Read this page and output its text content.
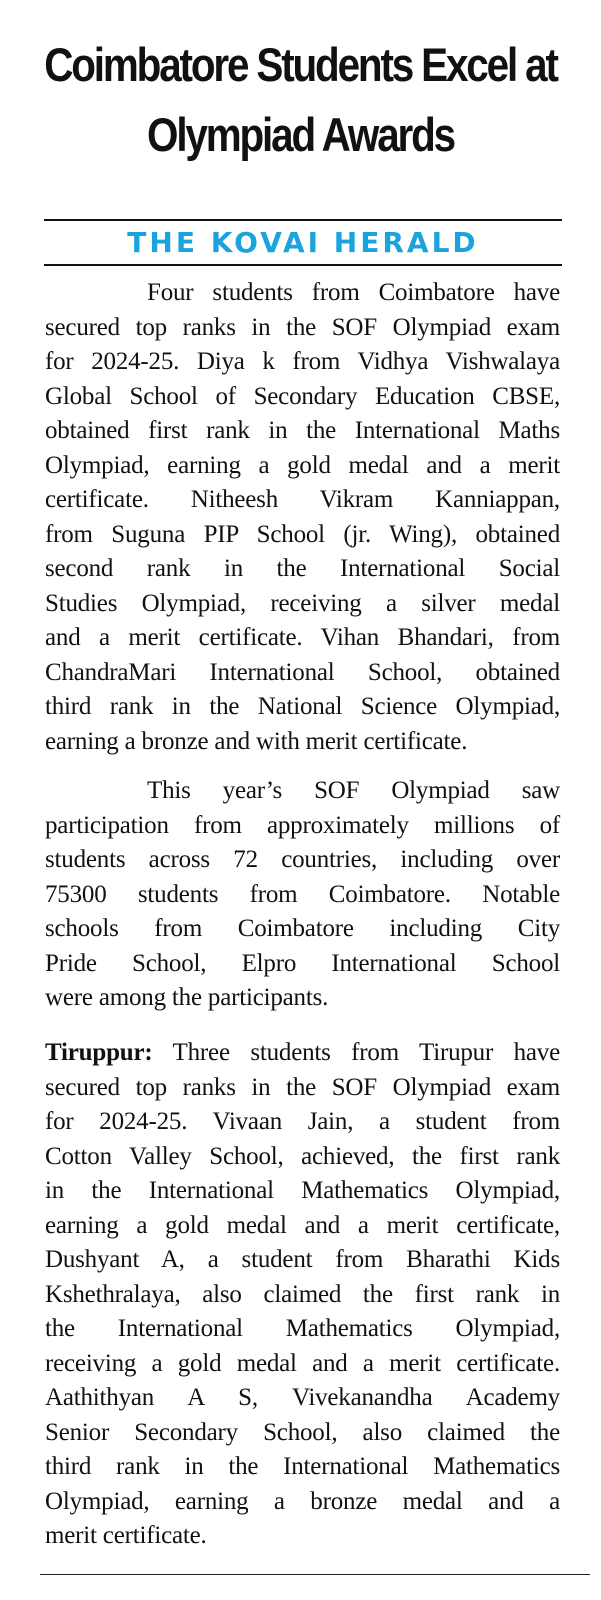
Coimbatore Students Excel at
Olympiad Awards
THE KOVAI HERALD
Four students from Coimbatore have
secured top ranks in the SOF Olympiad exam
for 2024-25. Diya k from Vidhya Vishwalaya
Global School of Secondary Education CBSE,
obtained first rank in the International Maths
Olympiad, earning a gold medal and a merit
certificate. Nitheesh Vikram Kanniappan,
from Suguna PIP School (jr. Wing), obtained
second rank in the International Social
Studies Olympiad, receiving a silver medal
and a merit certificate. Vihan Bhandari, from
ChandraMari International School, obtained
third rank in the National Science Olympiad,
earning a bronze and with merit certificate.
This year’s SOF Olympiad saw
participation from approximately millions of
students across 72 countries, including over
75300 students from Coimbatore. Notable
schools from Coimbatore including City
Pride School, Elpro International School
were among the participants.
Tiruppur: Three students from Tirupur have
secured top ranks in the SOF Olympiad exam
for 2024-25. Vivaan Jain, a student from
Cotton Valley School, achieved, the first rank
in the International Mathematics Olympiad,
earning a gold medal and a merit certificate,
Dushyant A, a student from Bharathi Kids
Kshethralaya, also claimed the first rank in
the International Mathematics Olympiad,
receiving a gold medal and a merit certificate.
Aathithyan A S, Vivekanandha Academy
Senior Secondary School, also claimed the
third rank in the International Mathematics
Olympiad, earning a bronze medal and a
merit certificate.
